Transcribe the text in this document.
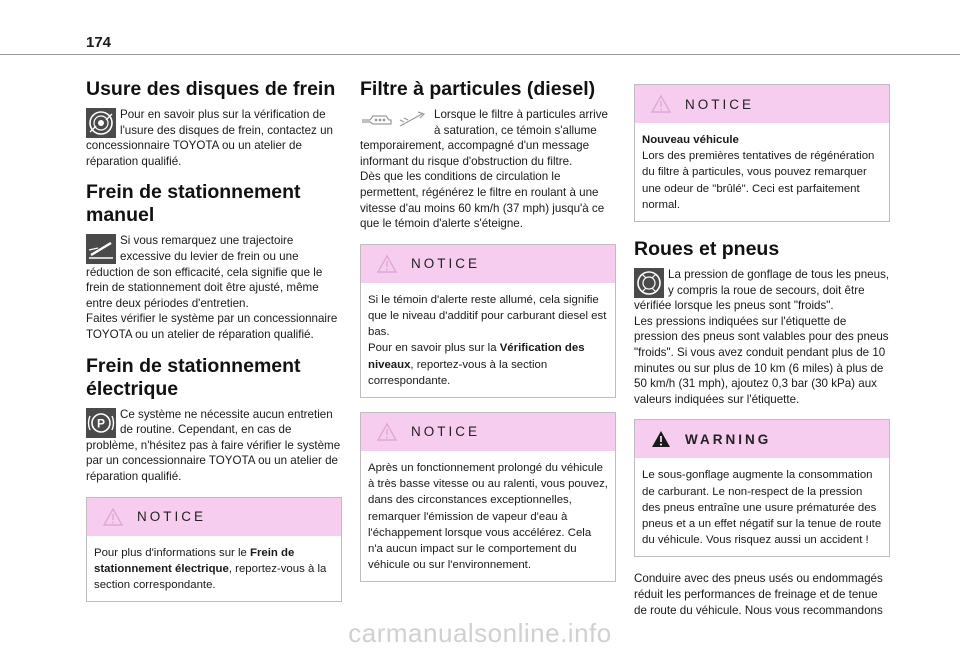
174
Usure des disques de frein

Pour en savoir plus sur la vérification de l'usure des disques de frein, contactez un concessionnaire TOYOTA ou un atelier de réparation qualifié.

Frein de stationnement manuel

Si vous remarquez une trajectoire excessive du levier de frein ou une réduction de son efficacité, cela signifie que le frein de stationnement doit être ajusté, même entre deux périodes d'entretien.

Faites vérifier le système par un concessionnaire TOYOTA ou un atelier de réparation qualifié.

Frein de stationnement électrique
P

Ce système ne nécessite aucun entretien de routine. Cependant, en cas de problème, n'hésitez pas à faire vérifier le système par un concessionnaire TOYOTA ou un atelier de réparation qualifié.

NOTICE

Pour plus d'informations sur le Frein de stationnement électrique, reportez-vous à la section correspondante.

Filtre à particules (diesel)

Lorsque le filtre à particules arrive à saturation, ce témoin s'allume temporairement, accompagné d'un message informant du risque d'obstruction du filtre.

Dès que les conditions de circulation le permettent, régénérez le filtre en roulant à une vitesse d'au moins 60 km/h (37 mph) jusqu'à ce que le témoin d'alerte s'éteigne.

NOTICE

Si le témoin d'alerte reste allumé, cela signifie que le niveau d'additif pour carburant diesel est bas.

Pour en savoir plus sur la Vérification des niveaux, reportez-vous à la section correspondante.

NOTICE

Après un fonctionnement prolongé du véhicule à très basse vitesse ou au ralenti, vous pouvez, dans des circonstances exceptionnelles, remarquer l'émission de vapeur d'eau à l'échappement lorsque vous accélérez. Cela n'a aucun impact sur le comportement du véhicule ou sur l'environnement.

NOTICE

Nouveau véhicule

Lors des premières tentatives de régénération du filtre à particules, vous pouvez remarquer une odeur de "brûlé". Ceci est parfaitement normal.

Roues et pneus

La pression de gonflage de tous les pneus, y compris la roue de secours, doit être vérifiée lorsque les pneus sont "froids".

Les pressions indiquées sur l'étiquette de pression des pneus sont valables pour des pneus "froids". Si vous avez conduit pendant plus de 10 minutes ou sur plus de 10 km (6 miles) à plus de 50 km/h (31 mph), ajoutez 0,3 bar (30 kPa) aux valeurs indiquées sur l'étiquette.

WARNING

Le sous-gonflage augmente la consommation de carburant. Le non-respect de la pression des pneus entraîne une usure prématurée des pneus et a un effet négatif sur la tenue de route du véhicule. Vous risquez aussi un accident !

Conduire avec des pneus usés ou endommagés réduit les performances de freinage et de tenue de route du véhicule. Nous vous recommandons

carmanualsonline.info
